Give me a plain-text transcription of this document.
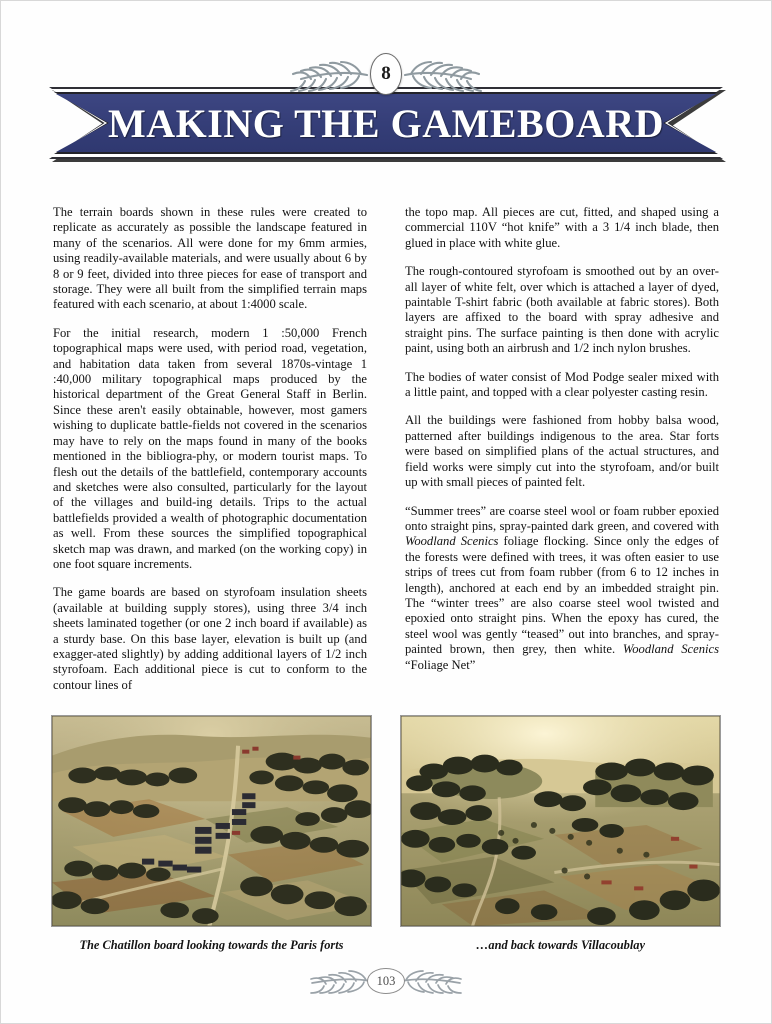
8
MAKING THE GAMEBOARD

The terrain boards shown in these rules were created to replicate as accurately as possible the landscape featured in many of the scenarios. All were done for my 6mm armies, using readily-available materials, and were usually about 6 by 8 or 9 feet, divided into three pieces for ease of transport and storage. They were all built from the simplified terrain maps featured with each scenario, at about 1:4000 scale.

For the initial research, modern 1 :50,000 French topographical maps were used, with period road, vegetation, and habitation data taken from several 1870s-vintage 1 :40,000 military topographical maps produced by the historical department of the Great General Staff in Berlin. Since these aren't easily obtainable, however, most gamers wishing to duplicate battle-fields not covered in the scenarios may have to rely on the maps found in many of the books mentioned in the bibliogra-phy, or modern tourist maps. To flesh out the details of the battlefield, contemporary accounts and sketches were also consulted, particularly for the layout of the villages and build-ing details. Trips to the actual battlefields provided a wealth of photographic documentation as well. From these sources the simplified topographical sketch map was drawn, and marked (on the working copy) in one foot square increments.

The game boards are based on styrofoam insulation sheets (available at building supply stores), using three 3/4 inch sheets laminated together (or one 2 inch board if available) as a sturdy base. On this base layer, elevation is built up (and exagger-ated slightly) by adding additional layers of 1/2 inch styrofoam. Each additional piece is cut to conform to the contour lines of

the topo map. All pieces are cut, fitted, and shaped using a commercial 110V “hot knife” with a 3 1/4 inch blade, then glued in place with white glue.

The rough-contoured styrofoam is smoothed out by an over-all layer of white felt, over which is attached a layer of dyed, paintable T-shirt fabric (both available at fabric stores). Both layers are affixed to the board with spray adhesive and straight pins. The surface painting is then done with acrylic paint, using both an airbrush and 1/2 inch nylon brushes.

The bodies of water consist of Mod Podge sealer mixed with a little paint, and topped with a clear polyester casting resin.

All the buildings were fashioned from hobby balsa wood, patterned after buildings indigenous to the area. Star forts were based on simplified plans of the actual structures, and field works were simply cut into the styrofoam, and/or built up with small pieces of painted felt.

“Summer trees” are coarse steel wool or foam rubber epoxied onto straight pins, spray-painted dark green, and covered with Woodland Scenics foliage flocking. Since only the edges of the forests were defined with trees, it was often easier to use strips of trees cut from foam rubber (from 6 to 12 inches in length), anchored at each end by an imbedded straight pin. The “winter trees” are also coarse steel wool twisted and epoxied onto straight pins. When the epoxy has cured, the steel wool was gently “teased” out into branches, and spray-painted brown, then grey, then white. Woodland Scenics “Foliage Net”

The Chatillon board looking towards the Paris forts	…and back towards Villacoublay
103
